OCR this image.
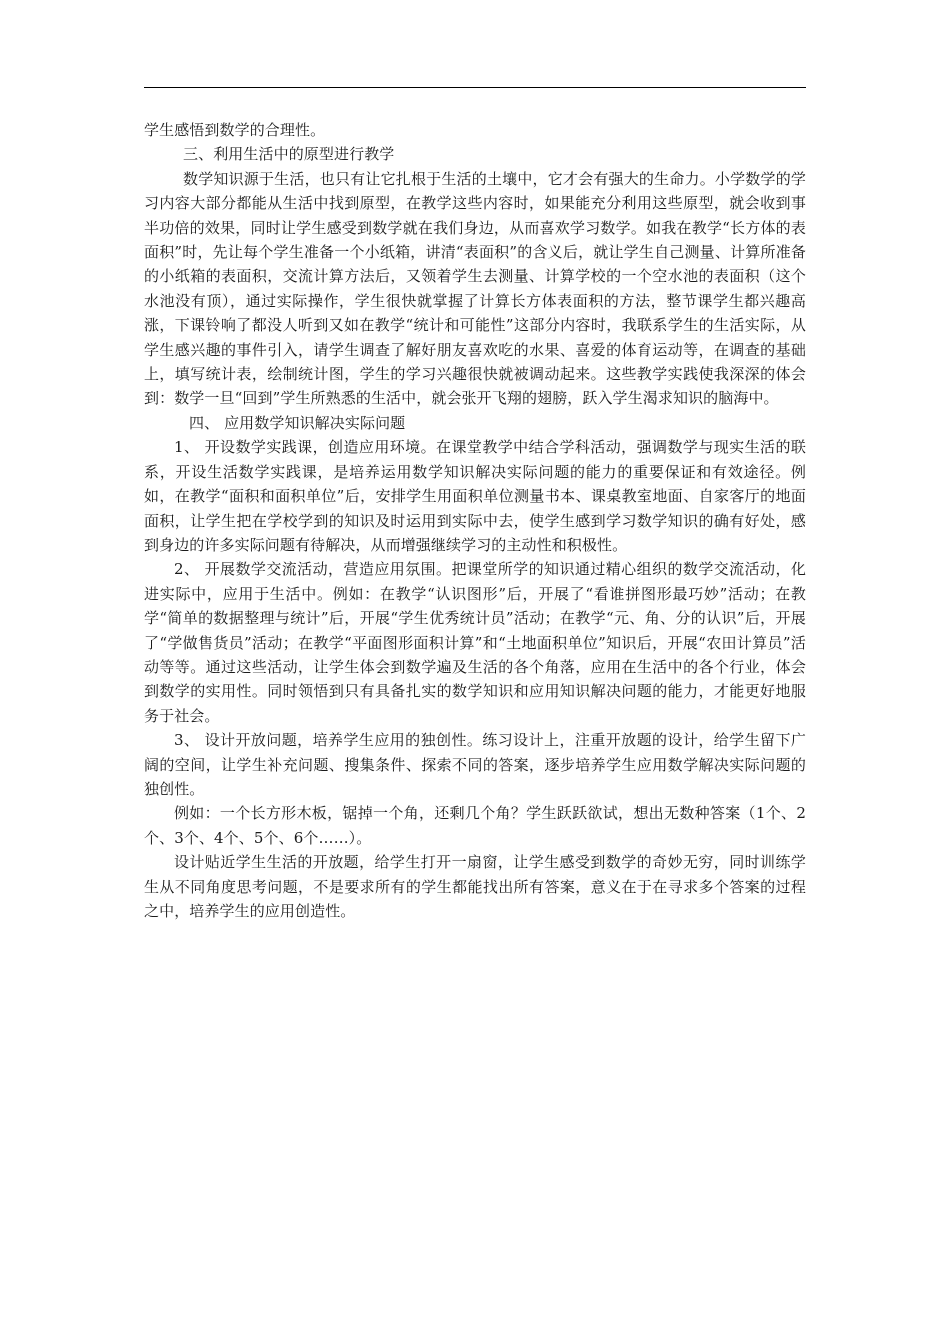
学生感悟到数学的合理性。

三、利用生活中的原型进行教学

数学知识源于生活，也只有让它扎根于生活的土壤中，它才会有强大的生命力。小学数学的学习内容大部分都能从生活中找到原型，在教学这些内容时，如果能充分利用这些原型，就会收到事半功倍的效果，同时让学生感受到数学就在我们身边，从而喜欢学习数学。如我在教学“长方体的表面积”时，先让每个学生准备一个小纸箱，讲清“表面积”的含义后，就让学生自己测量、计算所准备的小纸箱的表面积，交流计算方法后，又领着学生去测量、计算学校的一个空水池的表面积（这个水池没有顶），通过实际操作，学生很快就掌握了计算长方体表面积的方法，整节课学生都兴趣高涨，下课铃响了都没人听到又如在教学“统计和可能性”这部分内容时，我联系学生的生活实际，从学生感兴趣的事件引入，请学生调查了解好朋友喜欢吃的水果、喜爱的体育运动等，在调查的基础上，填写统计表，绘制统计图，学生的学习兴趣很快就被调动起来。这些教学实践使我深深的体会到：数学一旦“回到”学生所熟悉的生活中，就会张开飞翔的翅膀，跃入学生渴求知识的脑海中。

四、 应用数学知识解决实际问题

1、 开设数学实践课，创造应用环境。在课堂教学中结合学科活动，强调数学与现实生活的联系，开设生活数学实践课，是培养运用数学知识解决实际问题的能力的重要保证和有效途径。例如，在教学“面积和面积单位”后，安排学生用面积单位测量书本、课桌教室地面、自家客厅的地面面积，让学生把在学校学到的知识及时运用到实际中去，使学生感到学习数学知识的确有好处，感到身边的许多实际问题有待解决，从而增强继续学习的主动性和积极性。

2、 开展数学交流活动，营造应用氛围。把课堂所学的知识通过精心组织的数学交流活动，化进实际中，应用于生活中。例如：在教学“认识图形”后，开展了“看谁拼图形最巧妙”活动；在教学“简单的数据整理与统计”后，开展“学生优秀统计员”活动；在教学“元、角、分的认识”后，开展了“学做售货员”活动；在教学“平面图形面积计算”和“土地面积单位”知识后，开展“农田计算员”活动等等。通过这些活动，让学生体会到数学遍及生活的各个角落，应用在生活中的各个行业，体会到数学的实用性。同时领悟到只有具备扎实的数学知识和应用知识解决问题的能力，才能更好地服务于社会。

3、 设计开放问题，培养学生应用的独创性。练习设计上，注重开放题的设计，给学生留下广阔的空间，让学生补充问题、搜集条件、探索不同的答案，逐步培养学生应用数学解决实际问题的独创性。

例如：一个长方形木板，锯掉一个角，还剩几个角？学生跃跃欲试，想出无数种答案（1个、2个、3个、4个、5个、6个……）。

设计贴近学生生活的开放题，给学生打开一扇窗，让学生感受到数学的奇妙无穷，同时训练学生从不同角度思考问题，不是要求所有的学生都能找出所有答案，意义在于在寻求多个答案的过程之中，培养学生的应用创造性。
